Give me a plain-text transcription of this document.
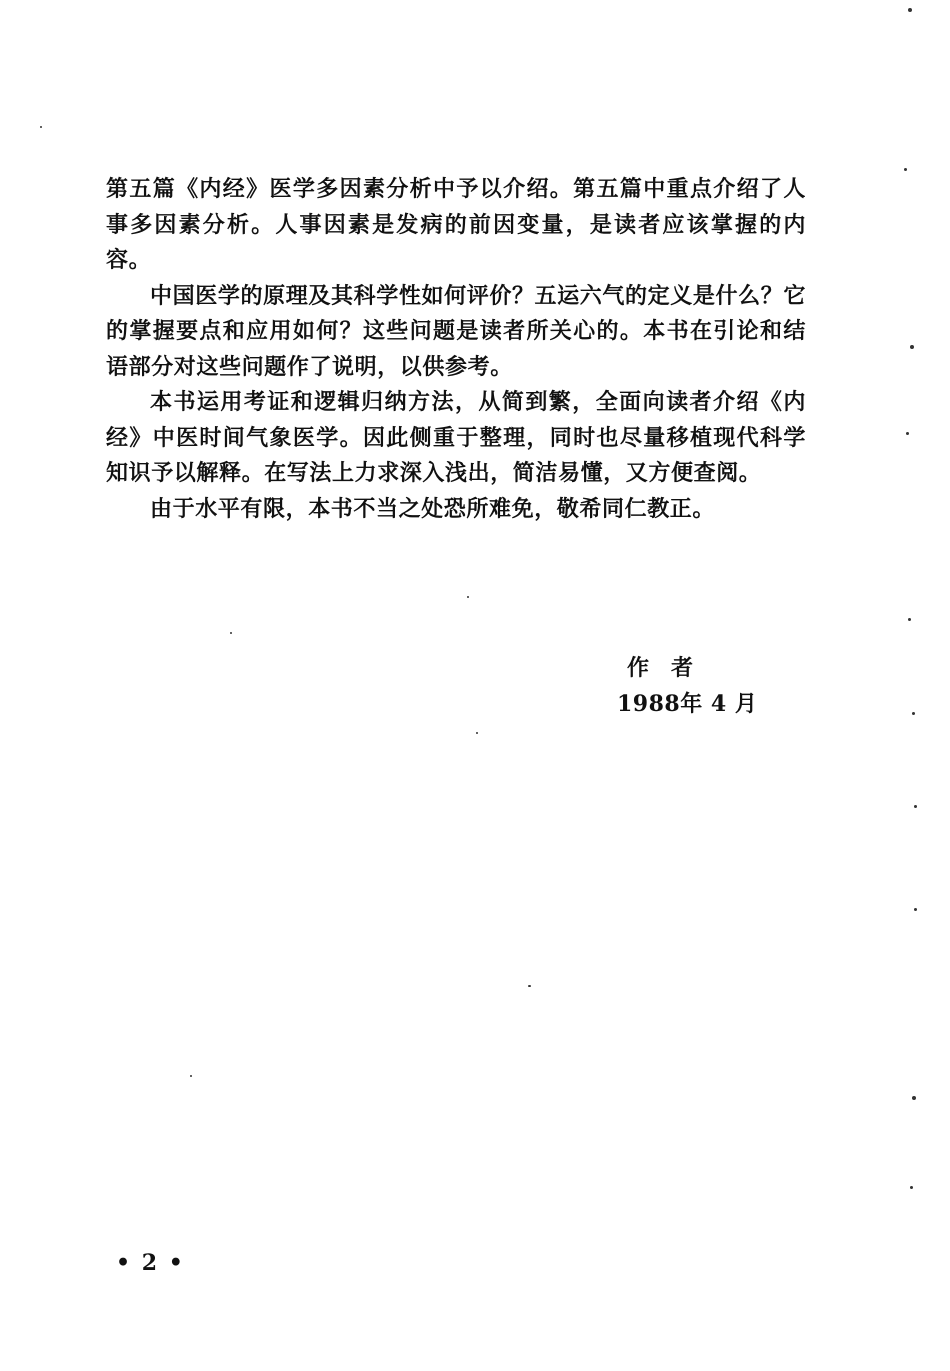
第五篇《内经》医学多因素分析中予以介绍。第五篇中重点介绍了人事多因素分析。人事因素是发病的前因变量，是读者应该掌握的内容。

中国医学的原理及其科学性如何评价？五运六气的定义是什么？它的掌握要点和应用如何？这些问题是读者所关心的。本书在引论和结语部分对这些问题作了说明，以供参考。

本书运用考证和逻辑归纳方法，从简到繁，全面向读者介绍《内经》中医时间气象医学。因此侧重于整理，同时也尽量移植现代科学知识予以解释。在写法上力求深入浅出，简洁易懂，又方便查阅。

由于水平有限，本书不当之处恐所难免，敬希同仁教正。

作者
1988年 4 月
• 2 •
